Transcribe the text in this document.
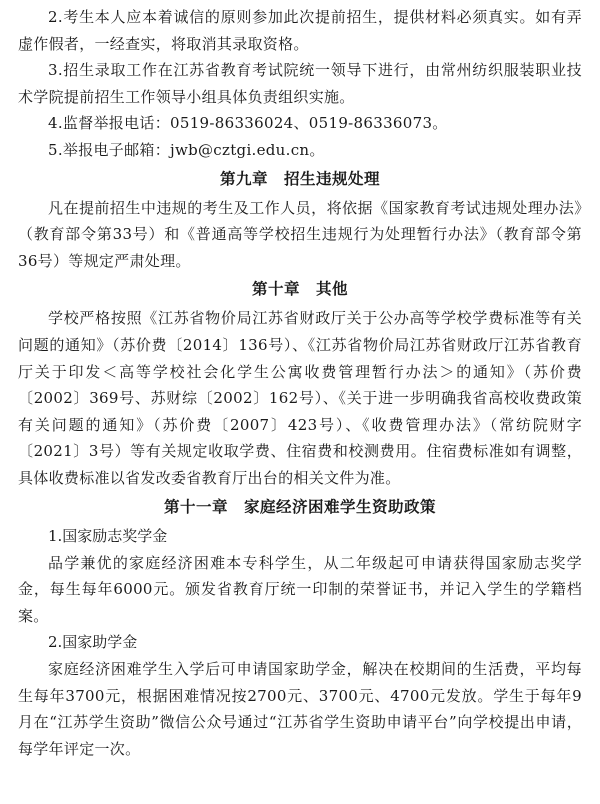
2.考生本人应本着诚信的原则参加此次提前招生，提供材料必须真实。如有弄虚作假者，一经查实，将取消其录取资格。

3.招生录取工作在江苏省教育考试院统一领导下进行，由常州纺织服装职业技术学院提前招生工作领导小组具体负责组织实施。

4.监督举报电话：0519-86336024、0519-86336073。

5.举报电子邮箱：jwb@cztgi.edu.cn。

第九章　招生违规处理

凡在提前招生中违规的考生及工作人员，将依据《国家教育考试违规处理办法》（教育部令第33号）和《普通高等学校招生违规行为处理暂行办法》（教育部令第36号）等规定严肃处理。

第十章　其他

学校严格按照《江苏省物价局江苏省财政厅关于公办高等学校学费标准等有关问题的通知》（苏价费〔2014〕136号）、《江苏省物价局江苏省财政厅江苏省教育厅关于印发＜高等学校社会化学生公寓收费管理暂行办法＞的通知》（苏价费〔2002〕369号、苏财综〔2002〕162号）、《关于进一步明确我省高校收费政策有关问题的通知》（苏价费〔2007〕423号）、《收费管理办法》（常纺院财字〔2021〕3号）等有关规定收取学费、住宿费和校测费用。住宿费标准如有调整，具体收费标准以省发改委省教育厅出台的相关文件为准。

第十一章　家庭经济困难学生资助政策

1.国家励志奖学金

品学兼优的家庭经济困难本专科学生，从二年级起可申请获得国家励志奖学金，每生每年6000元。颁发省教育厅统一印制的荣誉证书，并记入学生的学籍档案。

2.国家助学金

家庭经济困难学生入学后可申请国家助学金，解决在校期间的生活费，平均每生每年3700元，根据困难情况按2700元、3700元、4700元发放。学生于每年9月在“江苏学生资助”微信公众号通过“江苏省学生资助申请平台”向学校提出申请，每学年评定一次。
